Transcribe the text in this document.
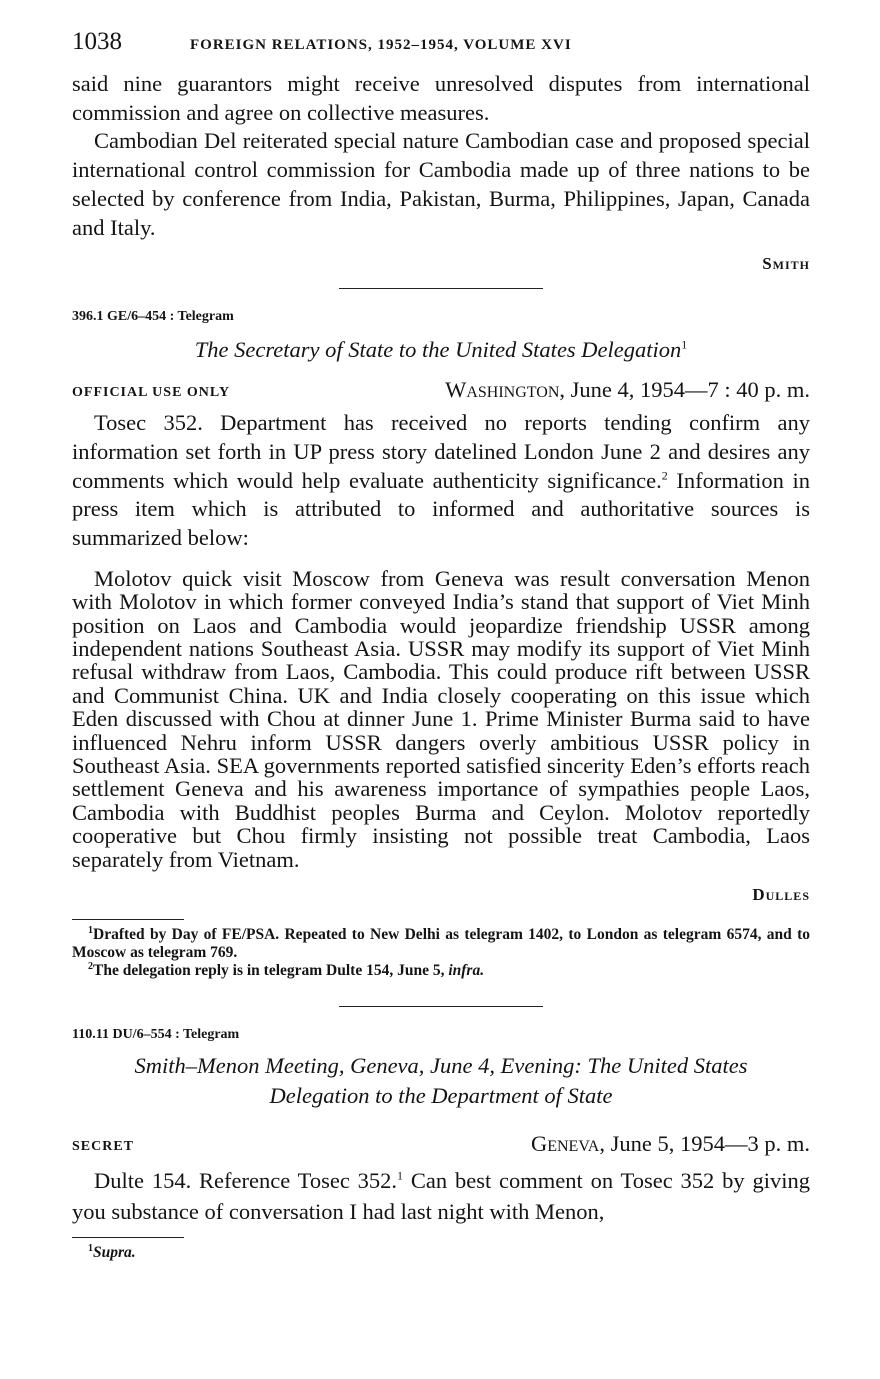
1038	FOREIGN RELATIONS, 1952–1954, VOLUME XVI

said nine guarantors might receive unresolved disputes from international commission and agree on collective measures.

Cambodian Del reiterated special nature Cambodian case and proposed special international control commission for Cambodia made up of three nations to be selected by conference from India, Pakistan, Burma, Philippines, Japan, Canada and Italy.

Smith
396.1 GE/6–454 : Telegram

The Secretary of State to the United States Delegation$^1$

OFFICIAL USE ONLY	Washington, June 4, 1954—7 : 40 p. m.

Tosec 352. Department has received no reports tending confirm any information set forth in UP press story datelined London June 2 and desires any comments which would help evaluate authenticity significance.$^2$ Information in press item which is attributed to informed and authoritative sources is summarized below:

Molotov quick visit Moscow from Geneva was result conversation Menon with Molotov in which former conveyed India’s stand that support of Viet Minh position on Laos and Cambodia would jeopardize friendship USSR among independent nations Southeast Asia. USSR may modify its support of Viet Minh refusal withdraw from Laos, Cambodia. This could produce rift between USSR and Communist China. UK and India closely cooperating on this issue which Eden discussed with Chou at dinner June 1. Prime Minister Burma said to have influenced Nehru inform USSR dangers overly ambitious USSR policy in Southeast Asia. SEA governments reported satisfied sincerity Eden’s efforts reach settlement Geneva and his awareness importance of sympathies people Laos, Cambodia with Buddhist peoples Burma and Ceylon. Molotov reportedly cooperative but Chou firmly insisting not possible treat Cambodia, Laos separately from Vietnam.

Dulles

$^1$Drafted by Day of FE/PSA. Repeated to New Delhi as telegram 1402, to London as telegram 6574, and to Moscow as telegram 769.

$^2$The delegation reply is in telegram Dulte 154, June 5, infra.

110.11 DU/6–554 : Telegram

Smith–Menon Meeting, Geneva, June 4, Evening: The United States

Delegation to the Department of State

SECRET	Geneva, June 5, 1954—3 p. m.

Dulte 154. Reference Tosec 352.$^1$ Can best comment on Tosec 352 by giving you substance of conversation I had last night with Menon,

$^1$Supra.
